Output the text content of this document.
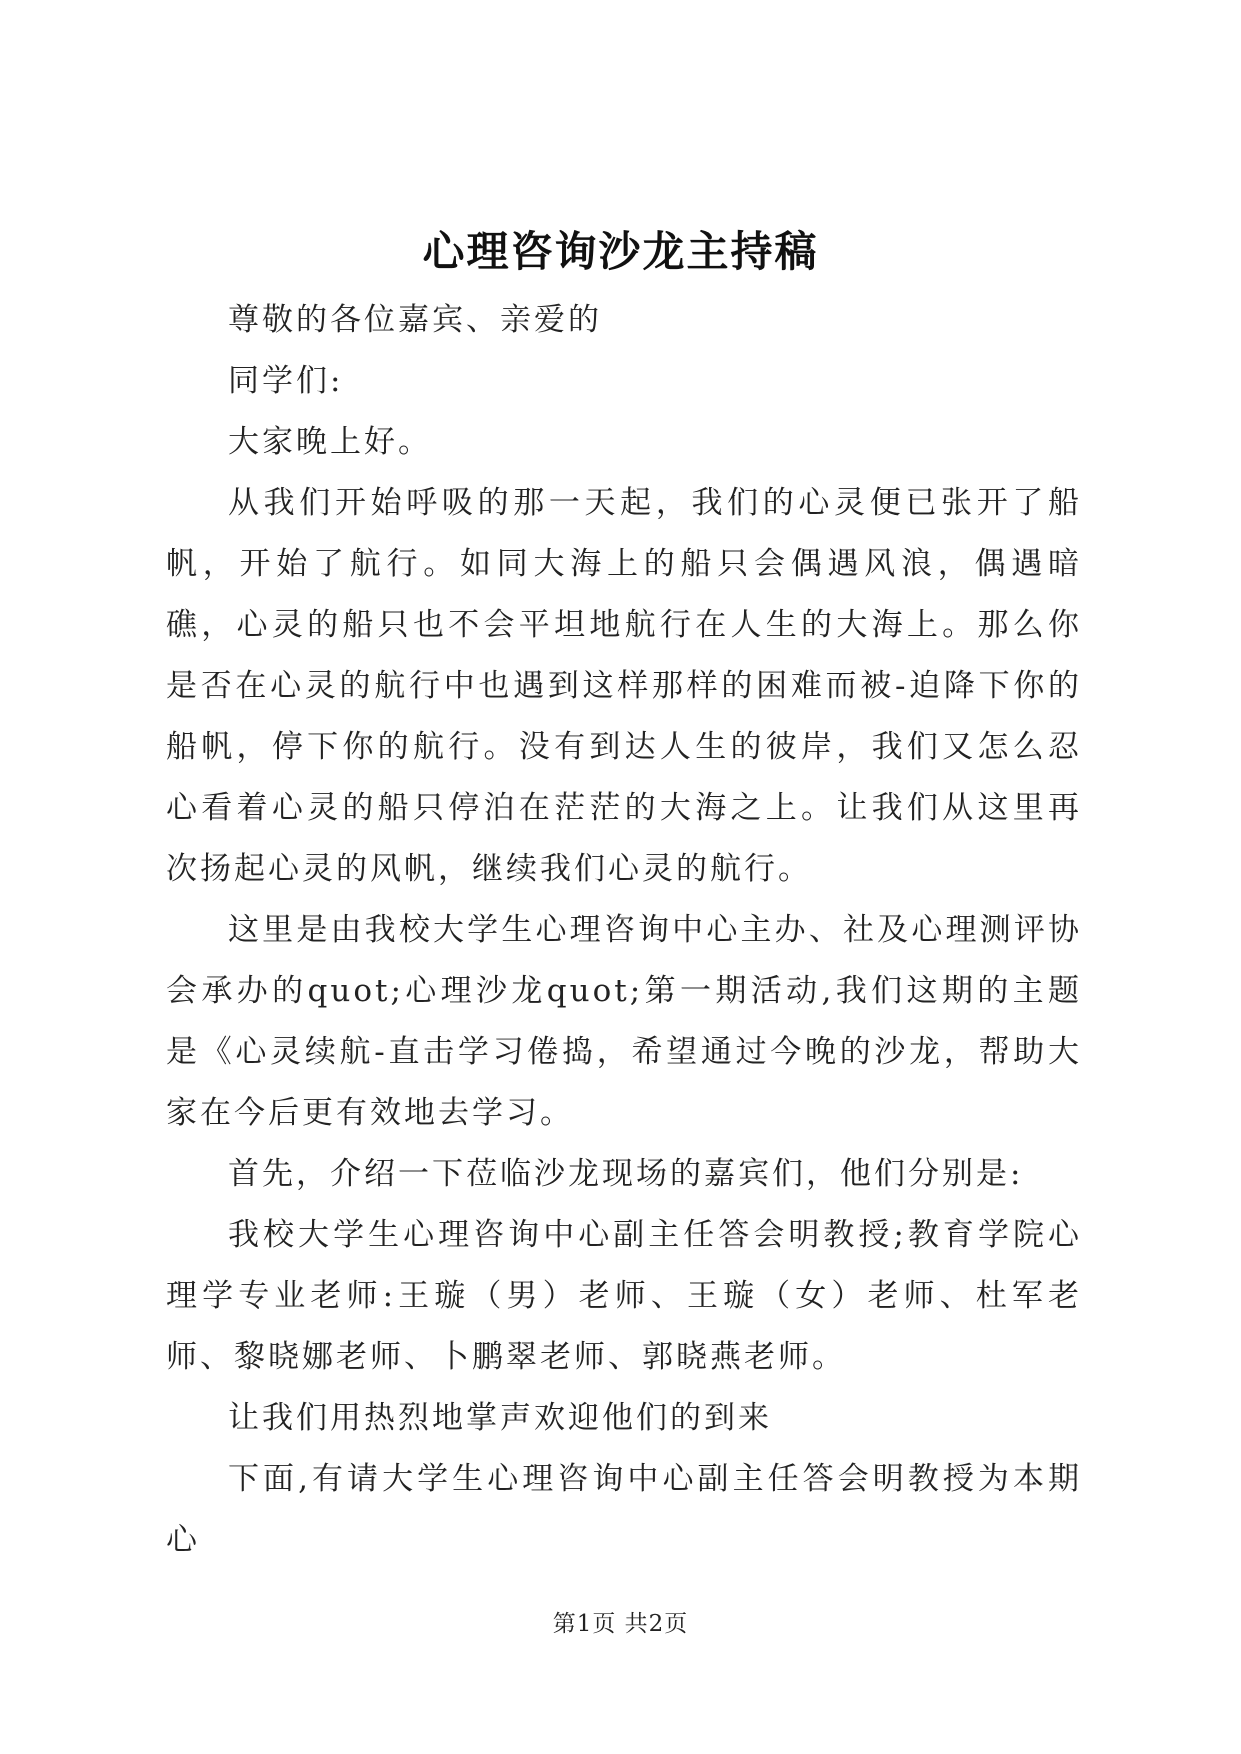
心理咨询沙龙主持稿

尊敬的各位嘉宾、亲爱的

同学们:

大家晚上好。

从我们开始呼吸的那一天起，我们的心灵便已张开了船帆，开始了航行。如同大海上的船只会偶遇风浪，偶遇暗礁，心灵的船只也不会平坦地航行在人生的大海上。那么你是否在心灵的航行中也遇到这样那样的困难而被-迫降下你的船帆，停下你的航行。没有到达人生的彼岸，我们又怎么忍心看着心灵的船只停泊在茫茫的大海之上。让我们从这里再次扬起心灵的风帆，继续我们心灵的航行。

这里是由我校大学生心理咨询中心主办、社及心理测评协会承办的quot;心理沙龙quot;第一期活动,我们这期的主题是《心灵续航-直击学习倦捣，希望通过今晚的沙龙，帮助大家在今后更有效地去学习。

首先，介绍一下莅临沙龙现场的嘉宾们，他们分别是:

我校大学生心理咨询中心副主任答会明教授;教育学院心理学专业老师:王璇（男）老师、王璇（女）老师、杜军老师、黎晓娜老师、卜鹏翠老师、郭晓燕老师。

让我们用热烈地掌声欢迎他们的到来

下面,有请大学生心理咨询中心副主任答会明教授为本期心

第1页 共2页
